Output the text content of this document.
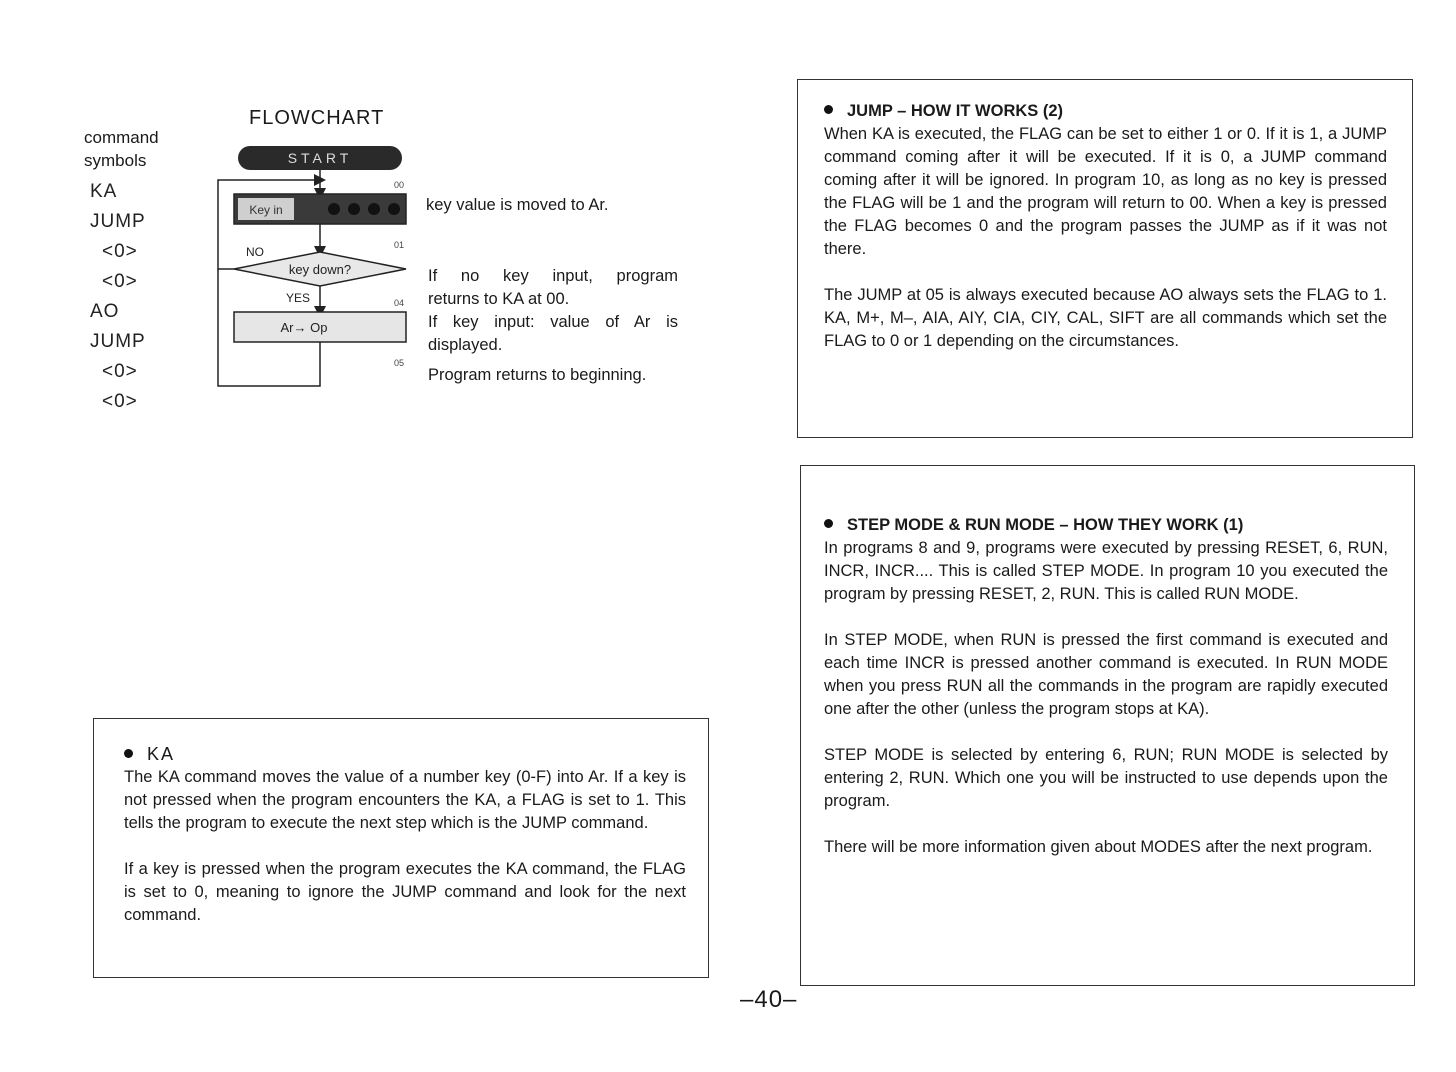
command
symbols
KA
JUMP
<0>
<0>
AO
JUMP
<0>
<0>
FLOWCHART
START
Key in
key down?
NO
YES
Ar→ Op
00
01
04
05
key value is moved to Ar.
If no key input, program
returns to KA at 00.
If key input: value of Ar is
displayed.
Program returns to beginning.
KA

The KA command moves the value of a number key (0-F) into Ar. If a key is not pressed when the program encounters the KA, a FLAG is set to 1. This tells the program to execute the next step which is the JUMP command.

If a key is pressed when the program executes the KA command, the FLAG is set to 0, meaning to ignore the JUMP command and look for the next command.

JUMP – HOW IT WORKS (2)

When KA is executed, the FLAG can be set to either 1 or 0. If it is 1, a JUMP command coming after it will be executed. If it is 0, a JUMP command coming after it will be ignored. In program 10, as long as no key is pressed the FLAG will be 1 and the program will return to 00. When a key is pressed the FLAG becomes 0 and the program passes the JUMP as if it was not there.

The JUMP at 05 is always executed because AO always sets the FLAG to 1. KA, M+, M–, AIA, AIY, CIA, CIY, CAL, SIFT are all commands which set the FLAG to 0 or 1 depending on the circumstances.

STEP MODE & RUN MODE – HOW THEY WORK (1)

In programs 8 and 9, programs were executed by pressing RESET, 6, RUN, INCR, INCR.... This is called STEP MODE. In program 10 you executed the program by pressing RESET, 2, RUN. This is called RUN MODE.

In STEP MODE, when RUN is pressed the first command is executed and each time INCR is pressed another command is executed. In RUN MODE when you press RUN all the commands in the program are rapidly executed one after the other (unless the program stops at KA).

STEP MODE is selected by entering 6, RUN; RUN MODE is selected by entering 2, RUN. Which one you will be instructed to use depends upon the program.

There will be more information given about MODES after the next program.

–40–
